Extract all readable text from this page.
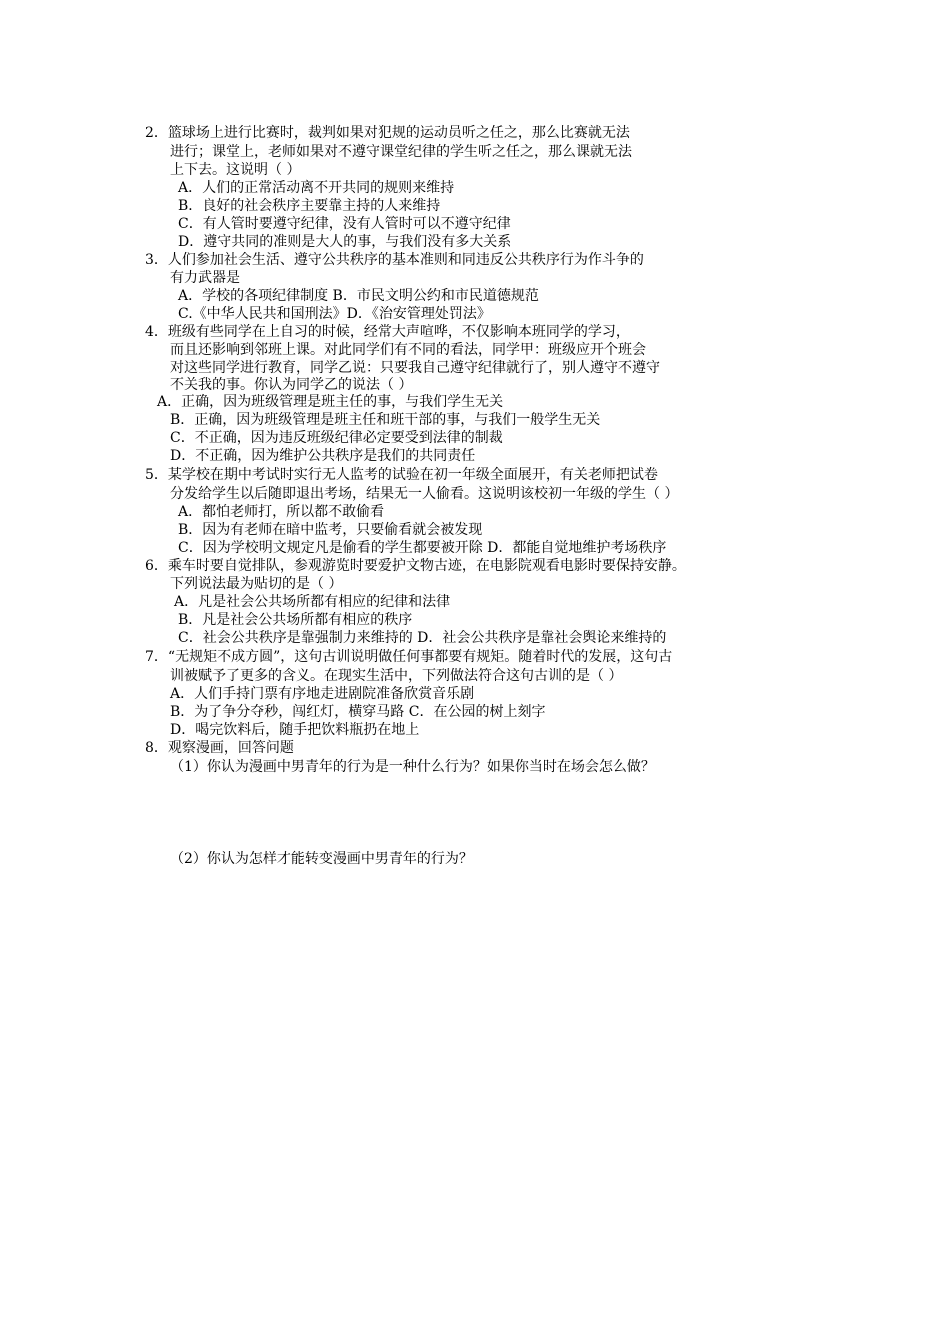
2．篮球场上进行比赛时，裁判如果对犯规的运动员听之任之，那么比赛就无法
进行；课堂上，老师如果对不遵守课堂纪律的学生听之任之，那么课就无法
上下去。这说明（ ）
A．人们的正常活动离不开共同的规则来维持
B．良好的社会秩序主要靠主持的人来维持
C．有人管时要遵守纪律，没有人管时可以不遵守纪律
D．遵守共同的准则是大人的事，与我们没有多大关系
3．人们参加社会生活、遵守公共秩序的基本准则和同违反公共秩序行为作斗争的
有力武器是
A．学校的各项纪律制度 B．市民文明公约和市民道德规范
C.《中华人民共和国刑法》D．《治安管理处罚法》
4．班级有些同学在上自习的时候，经常大声喧哗，不仅影响本班同学的学习，
而且还影响到邻班上课。对此同学们有不同的看法，同学甲：班级应开个班会
对这些同学进行教育，同学乙说：只要我自己遵守纪律就行了，别人遵守不遵守
不关我的事。你认为同学乙的说法（ ）
A．正确，因为班级管理是班主任的事，与我们学生无关
B．正确，因为班级管理是班主任和班干部的事，与我们一般学生无关
C．不正确，因为违反班级纪律必定要受到法律的制裁
D．不正确，因为维护公共秩序是我们的共同责任
5．某学校在期中考试时实行无人监考的试验在初一年级全面展开，有关老师把试卷
分发给学生以后随即退出考场，结果无一人偷看。这说明该校初一年级的学生（ ）
A．都怕老师打，所以都不敢偷看
B．因为有老师在暗中监考，只要偷看就会被发现
C．因为学校明文规定凡是偷看的学生都要被开除 D．都能自觉地维护考场秩序
6．乘车时要自觉排队，参观游览时要爱护文物古迹，在电影院观看电影时要保持安静。
下列说法最为贴切的是（ ）
A．凡是社会公共场所都有相应的纪律和法律
B．凡是社会公共场所都有相应的秩序
C．社会公共秩序是靠强制力来维持的 D．社会公共秩序是靠社会舆论来维持的
7．“无规矩不成方圆”，这句古训说明做任何事都要有规矩。随着时代的发展，这句古
训被赋予了更多的含义。在现实生活中，下列做法符合这句古训的是（ ）
A．人们手持门票有序地走进剧院准备欣赏音乐剧
B．为了争分夺秒，闯红灯，横穿马路 C．在公园的树上刻字
D．喝完饮料后，随手把饮料瓶扔在地上
8．观察漫画，回答问题
（1）你认为漫画中男青年的行为是一种什么行为？如果你当时在场会怎么做？
（2）你认为怎样才能转变漫画中男青年的行为？
